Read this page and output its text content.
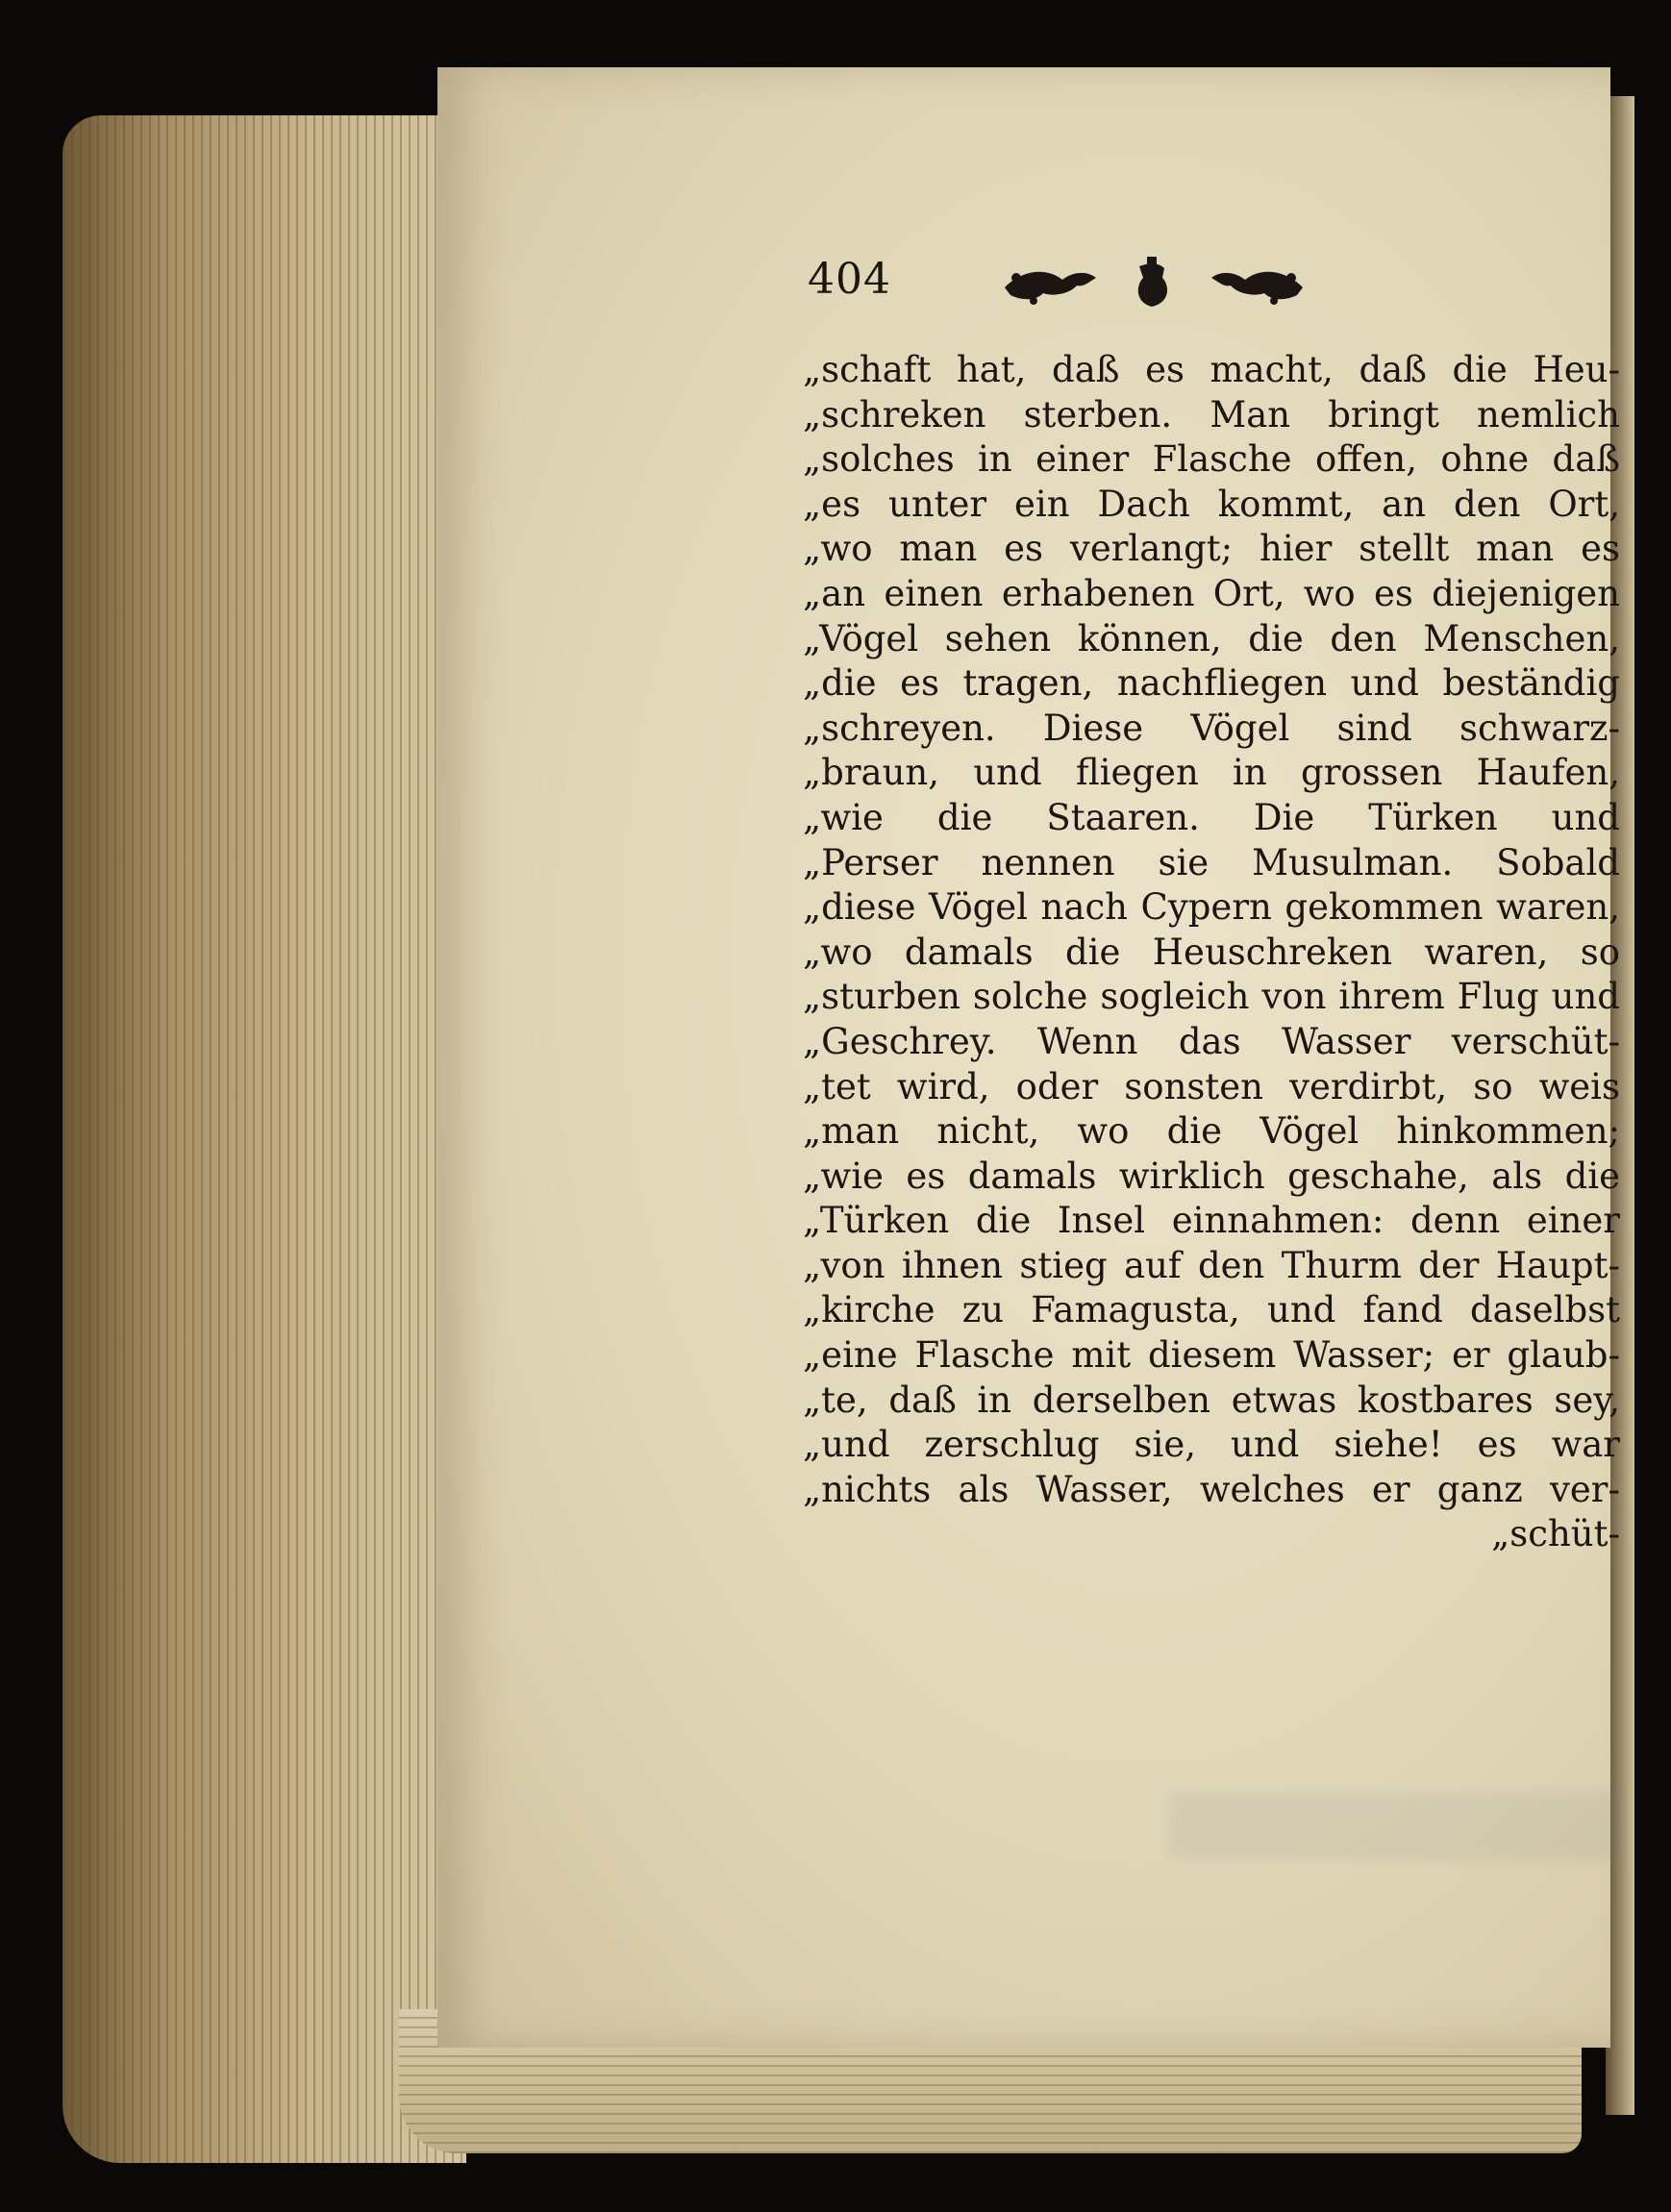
404
„schaft hat, daß es macht, daß die Heu-
„schreken sterben. Man bringt nemlich
„solches in einer Flasche offen, ohne daß
„es unter ein Dach kommt, an den Ort,
„wo man es verlangt; hier stellt man es
„an einen erhabenen Ort, wo es diejenigen
„Vögel sehen können, die den Menschen,
„die es tragen, nachfliegen und beständig
„schreyen. Diese Vögel sind schwarz-
„braun, und fliegen in grossen Haufen,
„wie die Staaren. Die Türken und
„Perser nennen sie Musulman. Sobald
„diese Vögel nach Cypern gekommen waren,
„wo damals die Heuschreken waren, so
„sturben solche sogleich von ihrem Flug und
„Geschrey. Wenn das Wasser verschüt-
„tet wird, oder sonsten verdirbt, so weis
„man nicht, wo die Vögel hinkommen;
„wie es damals wirklich geschahe, als die
„Türken die Insel einnahmen: denn einer
„von ihnen stieg auf den Thurm der Haupt-
„kirche zu Famagusta, und fand daselbst
„eine Flasche mit diesem Wasser; er glaub-
„te, daß in derselben etwas kostbares sey,
„und zerschlug sie, und siehe! es war
„nichts als Wasser, welches er ganz ver-
„schüt-
